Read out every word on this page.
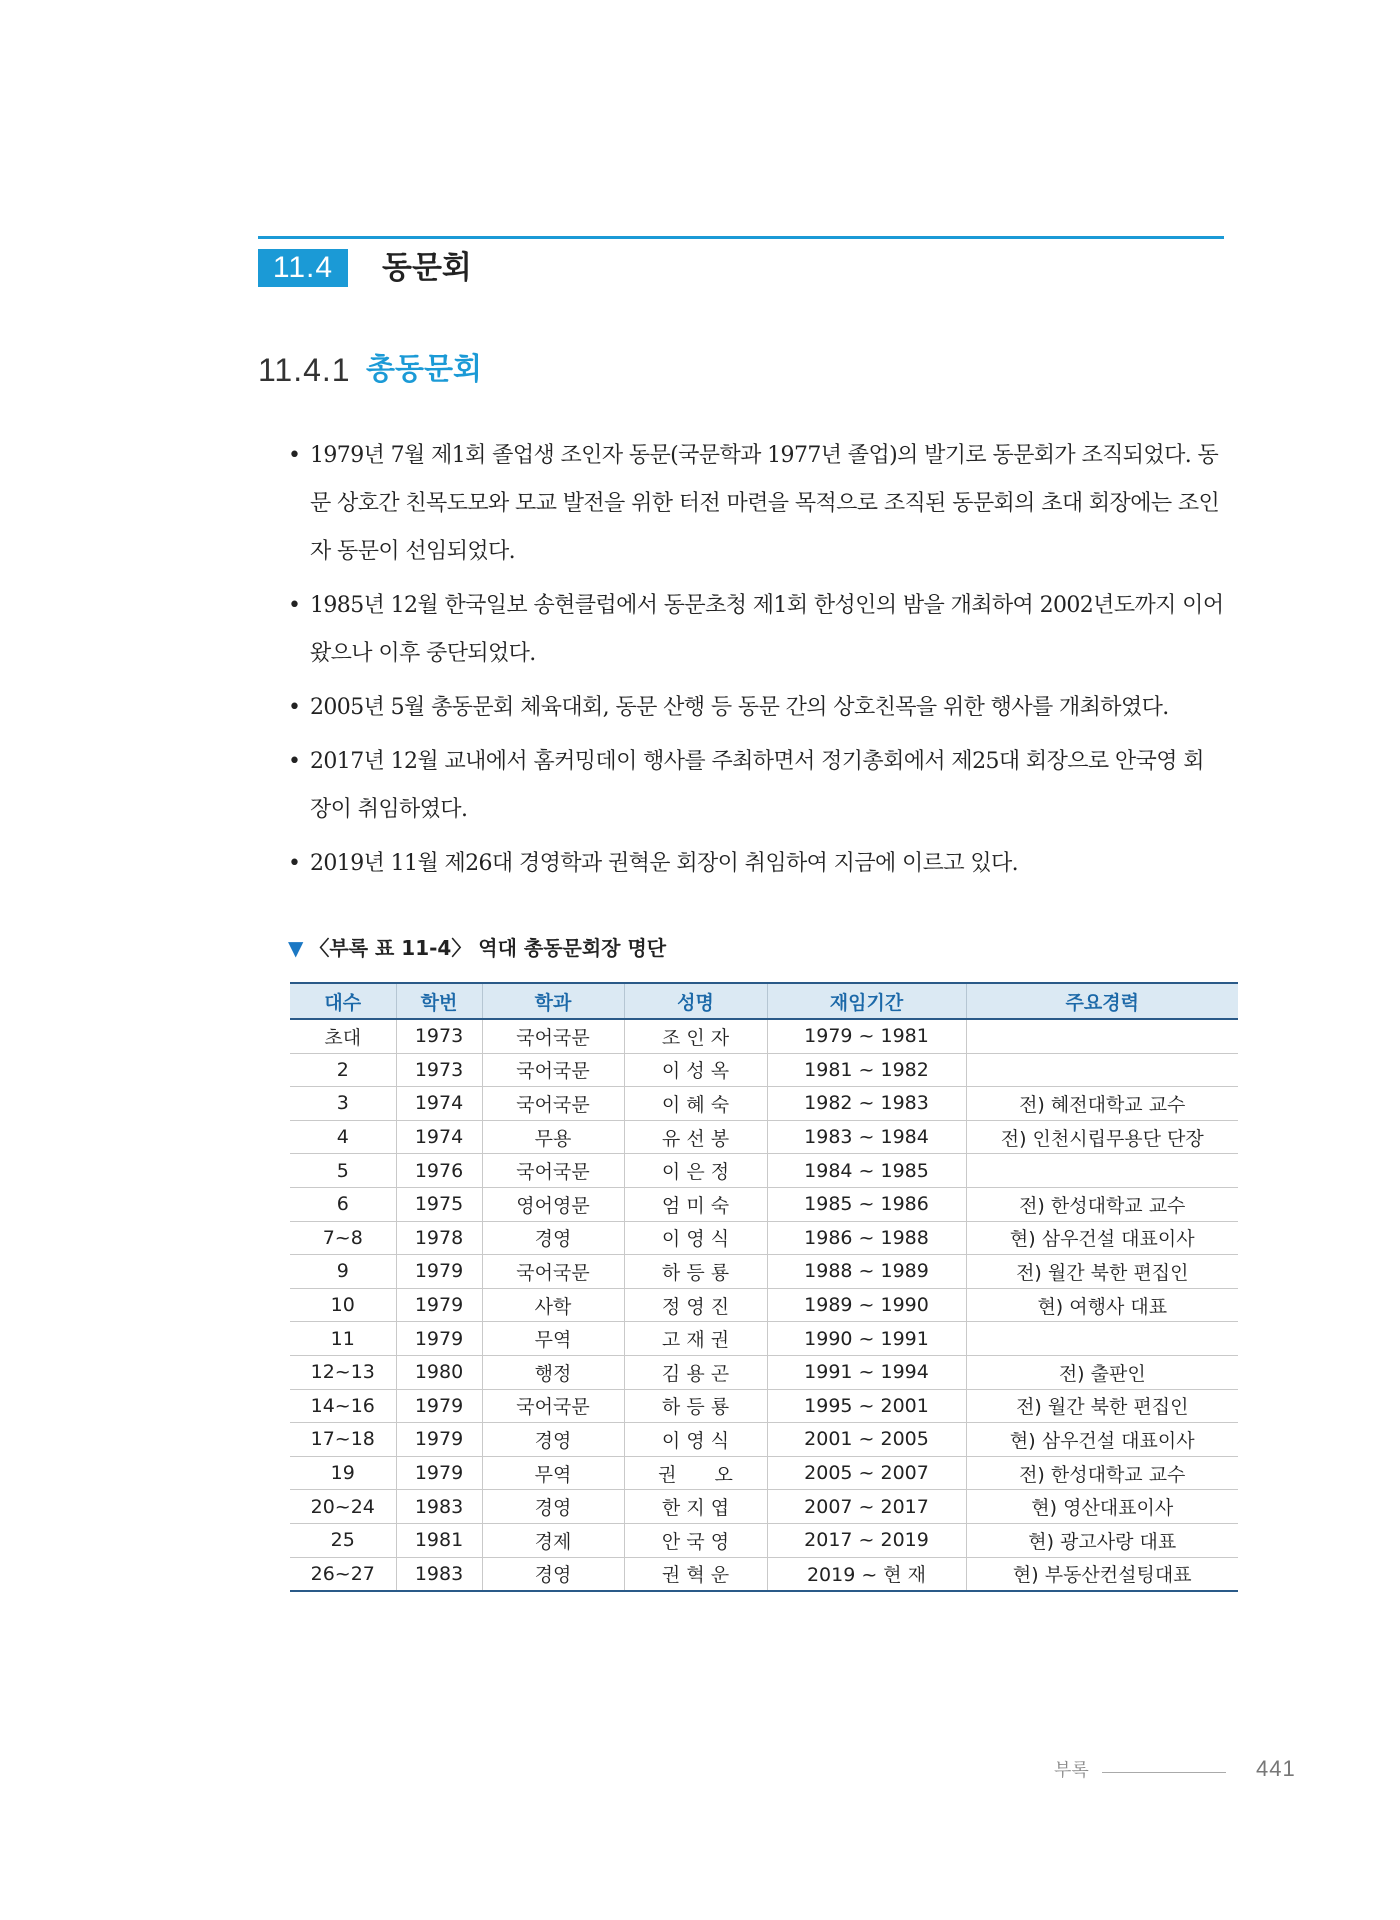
11.4	동문회
11.4.1 총동문회
• 1979년 7월 제1회 졸업생 조인자 동문(국문학과 1977년 졸업)의 발기로 동문회가 조직되었다. 동문 상호간 친목도모와 모교 발전을 위한 터전 마련을 목적으로 조직된 동문회의 초대 회장에는 조인자 동문이 선임되었다.
• 1985년 12월 한국일보 송현클럽에서 동문초청 제1회 한성인의 밤을 개최하여 2002년도까지 이어왔으나 이후 중단되었다.
• 2005년 5월 총동문회 체육대회, 동문 산행 등 동문 간의 상호친목을 위한 행사를 개최하였다.
• 2017년 12월 교내에서 홈커밍데이 행사를 주최하면서 정기총회에서 제25대 회장으로 안국영 회장이 취임하였다.
• 2019년 11월 제26대 경영학과 권혁운 회장이 취임하여 지금에 이르고 있다.
▼ 〈부록 표 11-4〉 역대 총동문회장 명단
대수	학번	학과	성명	재임기간	주요경력
초대	1973	국어국문	조 인 자	1979 ~ 1981	
2	1973	국어국문	이 성 옥	1981 ~ 1982	
3	1974	국어국문	이 혜 숙	1982 ~ 1983	전) 혜전대학교 교수
4	1974	무용	유 선 봉	1983 ~ 1984	전) 인천시립무용단 단장
5	1976	국어국문	이 은 정	1984 ~ 1985	
6	1975	영어영문	엄 미 숙	1985 ~ 1986	전) 한성대학교 교수
7~8	1978	경영	이 영 식	1986 ~ 1988	현) 삼우건설 대표이사
9	1979	국어국문	하 등 룡	1988 ~ 1989	전) 월간 북한 편집인
10	1979	사학	정 영 진	1989 ~ 1990	현) 여행사 대표
11	1979	무역	고 재 권	1990 ~ 1991	
12~13	1980	행정	김 용 곤	1991 ~ 1994	전) 출판인
14~16	1979	국어국문	하 등 룡	1995 ~ 2001	전) 월간 북한 편집인
17~18	1979	경영	이 영 식	2001 ~ 2005	현) 삼우건설 대표이사
19	1979	무역	권　　오	2005 ~ 2007	전) 한성대학교 교수
20~24	1983	경영	한 지 엽	2007 ~ 2017	현) 영산대표이사
25	1981	경제	안 국 영	2017 ~ 2019	현) 광고사랑 대표
26~27	1983	경영	권 혁 운	2019 ~ 현 재	현) 부동산컨설팅대표
부록	441
